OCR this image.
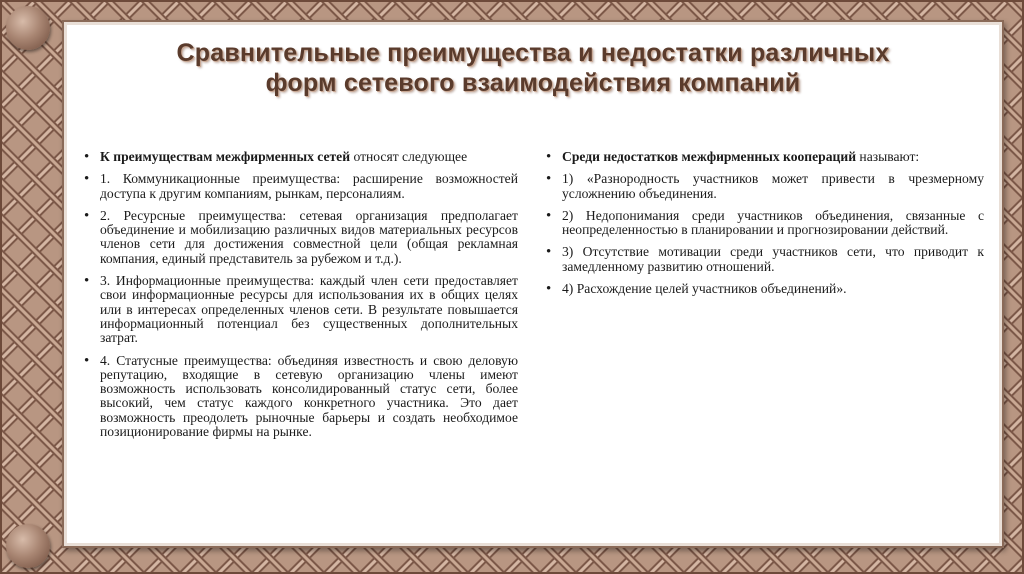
Сравнительные преимущества и недостатки различных
форм сетевого взаимодействия компаний
• К преимуществам межфирменных сетей относят следующее
• 1. Коммуникационные преимущества: расширение возможностей доступа к другим компаниям, рынкам, персоналиям.
• 2. Ресурсные преимущества: сетевая организация предполагает объединение и мобилизацию различных видов материальных ресурсов членов сети для достижения совместной цели (общая рекламная компания, единый представитель за рубежом и т.д.).
• 3. Информационные преимущества: каждый член сети предоставляет свои информационные ресурсы для использования их в общих целях или в интересах определенных членов сети. В результате повышается информационный потенциал без существенных дополнительных затрат.
• 4. Статусные преимущества: объединяя известность и свою деловую репутацию, входящие в сетевую организацию члены имеют возможность использовать консолидированный статус сети, более высокий, чем статус каждого конкретного участника. Это дает возможность преодолеть рыночные барьеры и создать необходимое позиционирование фирмы на рынке.
• Среди недостатков межфирменных кооперaций называют:
• 1) «Разнородность участников может привести в чрезмерному усложнению объединения.
• 2) Недопонимания среди участников объединения, связанные с неопределенностью в планировании и прогнозировании действий.
• 3) Отсутствие мотивации среди участников сети, что приводит к замедленному развитию отношений.
• 4) Расхождение целей участников объединений».
